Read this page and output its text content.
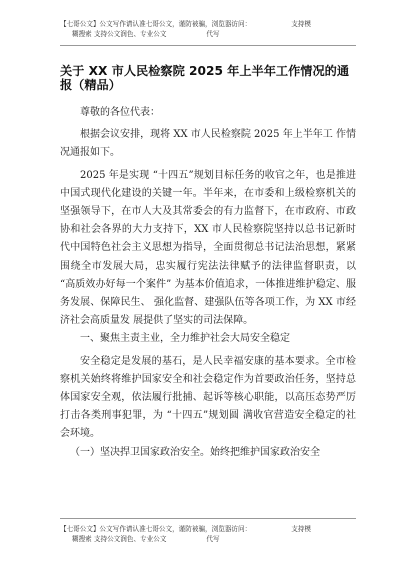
【七哥公文】公文写作请认准七哥公文，谨防被骗，浏览器访问：	支持模
糊搜索 支持公文润色、专业公文	代写
关于 XX 市人民检察院 2025 年上半年工作情况的通报（精品）

尊敬的各位代表：

根据会议安排，现将 XX 市人民检察院 2025 年上半年工 作情况通报如下。

2025 年是实现 “十四五”规划目标任务的收官之年，也是推进中国式现代化建设的关键一年。半年来，在市委和上级检察机关的坚强领导下，在市人大及其常委会的有力监督下，在市政府、市政协和社会各界的大力支持下，XX 市人民检察院坚持以总书记新时代中国特色社会主义思想为指导，全面贯彻总书记法治思想，紧紧围绕全市发展大局，忠实履行宪法法律赋予的法律监督职责，以 “高质效办好每一个案件” 为基本价值追求，一体推进维护稳定、服务发展、保障民生、 强化监督、建强队伍等各项工作，为 XX 市经济社会高质量发 展提供了坚实的司法保障。

一、聚焦主责主业，全力维护社会大局安全稳定

安全稳定是发展的基石，是人民幸福安康的基本要求。全市检察机关始终将维护国家安全和社会稳定作为首要政治任务，坚持总体国家安全观，依法履行批捕、起诉等核心职能，以高压态势严厉打击各类刑事犯罪，为 “十四五”规划圆 满收官营造安全稳定的社会环境。

（一）坚决捍卫国家政治安全。始终把维护国家政治安全

【七哥公文】公文写作请认准七哥公文，谨防被骗，浏览器访问：	支持模
糊搜索 支持公文润色、专业公文	代写
